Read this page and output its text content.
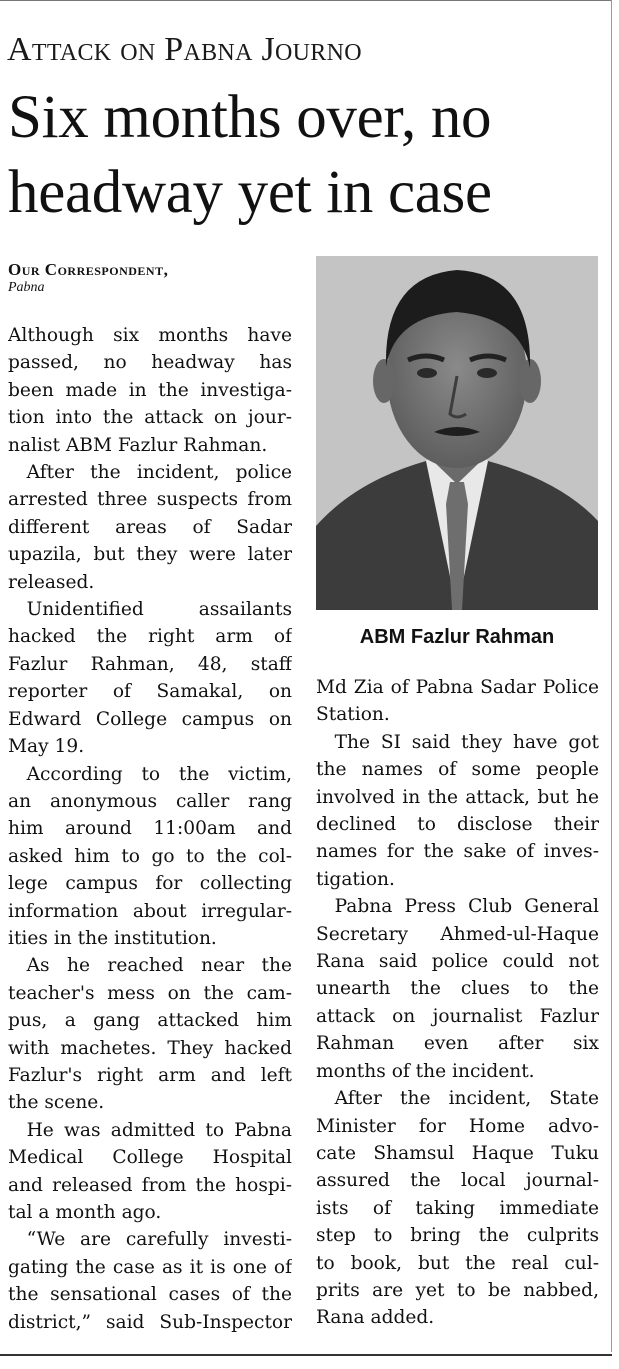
Attack on Pabna Journo
Six months over, no
headway yet in case
Our Correspondent,
Pabna
ABM Fazlur Rahman
Although six months have
passed, no headway has
been made in the investiga-
tion into the attack on jour-
nalist ABM Fazlur Rahman.
 After the incident, police
arrested three suspects from
different areas of Sadar
upazila, but they were later
released.
 Unidentified assailants
hacked the right arm of
Fazlur Rahman, 48, staff
reporter of Samakal, on
Edward College campus on
May 19.
 According to the victim,
an anonymous caller rang
him around 11:00am and
asked him to go to the col-
lege campus for collecting
information about irregular-
ities in the institution.
 As he reached near the
teacher's mess on the cam-
pus, a gang attacked him
with machetes. They hacked
Fazlur's right arm and left
the scene.
 He was admitted to Pabna
Medical College Hospital
and released from the hospi-
tal a month ago.
 “We are carefully investi-
gating the case as it is one of
the sensational cases of the
district,” said Sub-Inspector
Md Zia of Pabna Sadar Police
Station.
 The SI said they have got
the names of some people
involved in the attack, but he
declined to disclose their
names for the sake of inves-
tigation.
 Pabna Press Club General
Secretary Ahmed-ul-Haque
Rana said police could not
unearth the clues to the
attack on journalist Fazlur
Rahman even after six
months of the incident.
 After the incident, State
Minister for Home advo-
cate Shamsul Haque Tuku
assured the local journal-
ists of taking immediate
step to bring the culprits
to book, but the real cul-
prits are yet to be nabbed,
Rana added.
